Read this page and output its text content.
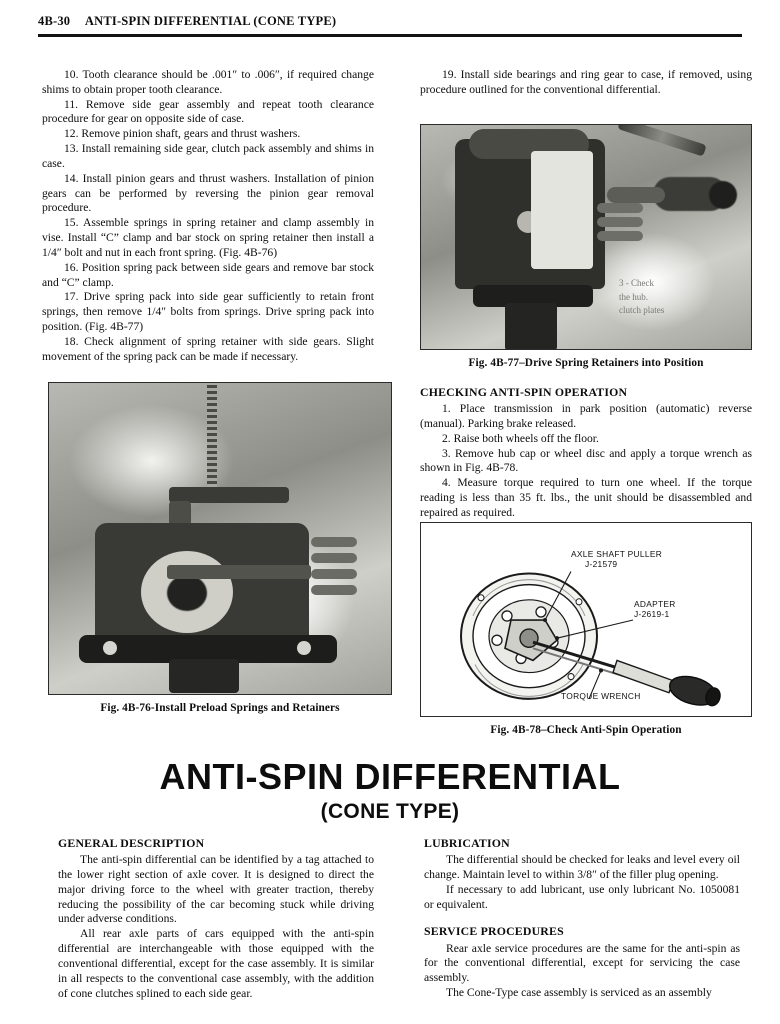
4B-30 ANTI-SPIN DIFFERENTIAL (CONE TYPE)

10. Tooth clearance should be .001″ to .006″, if required change shims to obtain proper tooth clearance.

11. Remove side gear assembly and repeat tooth clearance procedure for gear on opposite side of case.

12. Remove pinion shaft, gears and thrust washers.

13. Install remaining side gear, clutch pack assembly and shims in case.

14. Install pinion gears and thrust washers. Installation of pinion gears can be performed by reversing the pinion gear removal procedure.

15. Assemble springs in spring retainer and clamp assembly in vise. Install “C” clamp and bar stock on spring retainer then install a 1/4″ bolt and nut in each front spring. (Fig. 4B-76)

16. Position spring pack between side gears and remove bar stock and “C” clamp.

17. Drive spring pack into side gear sufficiently to retain front springs, then remove 1/4″ bolts from springs. Drive spring pack into position. (Fig. 4B-77)

18. Check alignment of spring retainer with side gears. Slight movement of the spring pack can be made if necessary.

19. Install side bearings and ring gear to case, if removed, using procedure outlined for the conventional differential.

3 - Check
the hub.
clutch plates
Fig. 4B-77–Drive Spring Retainers into Position
CHECKING ANTI-SPIN OPERATION

1. Place transmission in park position (automatic) reverse (manual). Parking brake released.

2. Raise both wheels off the floor.

3. Remove hub cap or wheel disc and apply a torque wrench as shown in Fig. 4B-78.

4. Measure torque required to turn one wheel. If the torque reading is less than 35 ft. lbs., the unit should be disassembled and repaired as required.

Fig. 4B-76-Install Preload Springs and Retainers
AXLE SHAFT PULLER
J-21579
ADAPTER
J-2619-1
TORQUE WRENCH
Fig. 4B-78–Check Anti-Spin Operation
ANTI-SPIN DIFFERENTIAL
(CONE TYPE)
GENERAL DESCRIPTION

The anti-spin differential can be identified by a tag attached to the lower right section of axle cover. It is designed to direct the major driving force to the wheel with greater traction, thereby reducing the possibility of the car becoming stuck while driving under adverse conditions.

All rear axle parts of cars equipped with the anti-spin differential are interchangeable with those equipped with the conventional differential, except for the case assembly. It is similar in all respects to the conventional case assembly, with the addition of cone clutches splined to each side gear.

LUBRICATION

The differential should be checked for leaks and level every oil change. Maintain level to within 3/8″ of the filler plug opening.

If necessary to add lubricant, use only lubricant No. 1050081 or equivalent.

SERVICE PROCEDURES

Rear axle service procedures are the same for the anti-spin as for the conventional differential, except for servicing the case assembly.

The Cone-Type case assembly is serviced as an assembly
